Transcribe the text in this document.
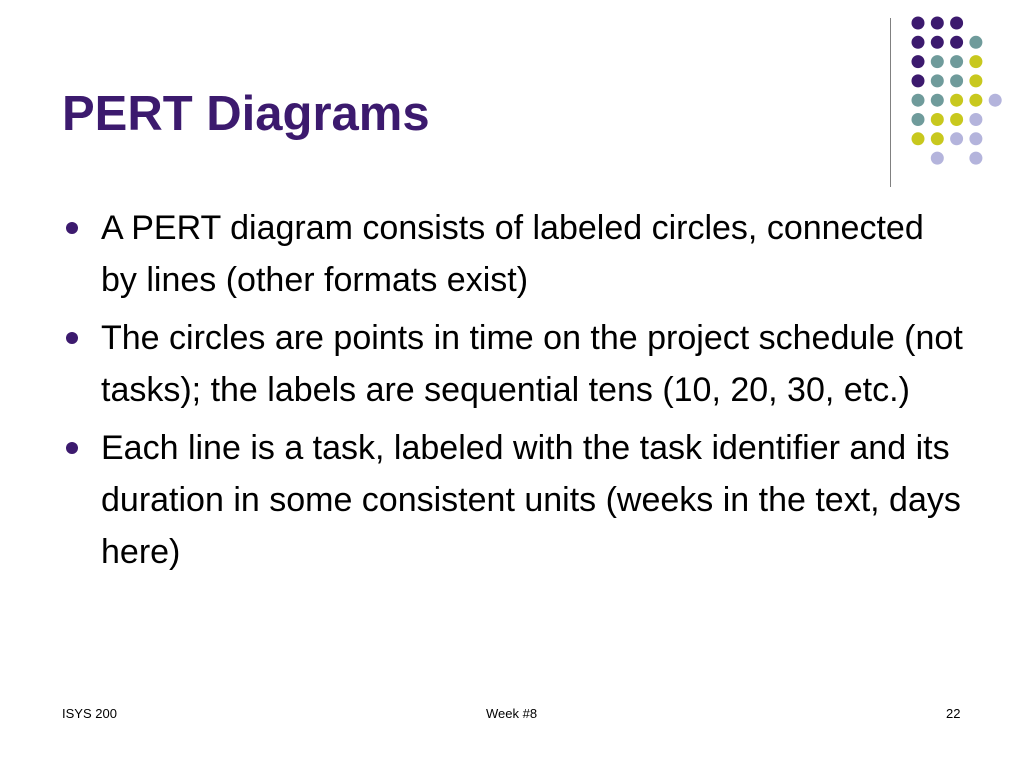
PERT Diagrams
A PERT diagram consists of labeled circles, connected by lines (other formats exist)
The circles are points in time on the project schedule (not tasks); the labels are sequential tens (10, 20, 30, etc.)
Each line is a task, labeled with the task identifier and its duration in some consistent units (weeks in the text, days here)
ISYS 200	Week #8	22
